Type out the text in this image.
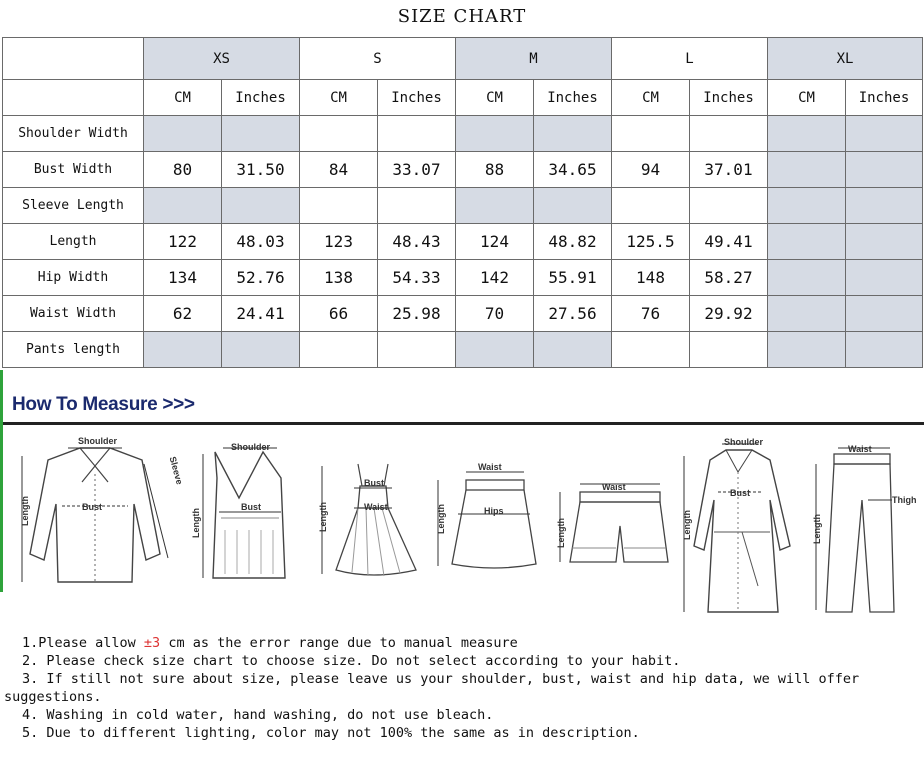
SIZE CHART
	XS		S		M		L		XL	
	CM	Inches	CM	Inches	CM	Inches	CM	Inches	CM	Inches
Shoulder Width										
Bust Width	80	31.50	84	33.07	88	34.65	94	37.01		
Sleeve Length										
Length	122	48.03	123	48.43	124	48.82	125.5	49.41		
Hip Width	134	52.76	138	54.33	142	55.91	148	58.27		
Waist Width	62	24.41	66	25.98	70	27.56	76	29.92		
Pants length										
How To Measure >>>
Shoulder
Bust
Length
Sleeve
Shoulder
Bust
Length
Bust
Waist
Length
Waist
Hips
Length
Waist
Length
Shoulder
Bust
Length
Waist
Thigh
Length
1.Please allow ±3 cm as the error range due to manual measure
2. Please check size chart to choose size. Do not select according to your habit.
3. If still not sure about size, please leave us your shoulder, bust, waist and hip data, we will offer suggestions.
4. Washing in cold water, hand washing, do not use bleach.
5. Due to different lighting, color may not 100% the same as in description.
